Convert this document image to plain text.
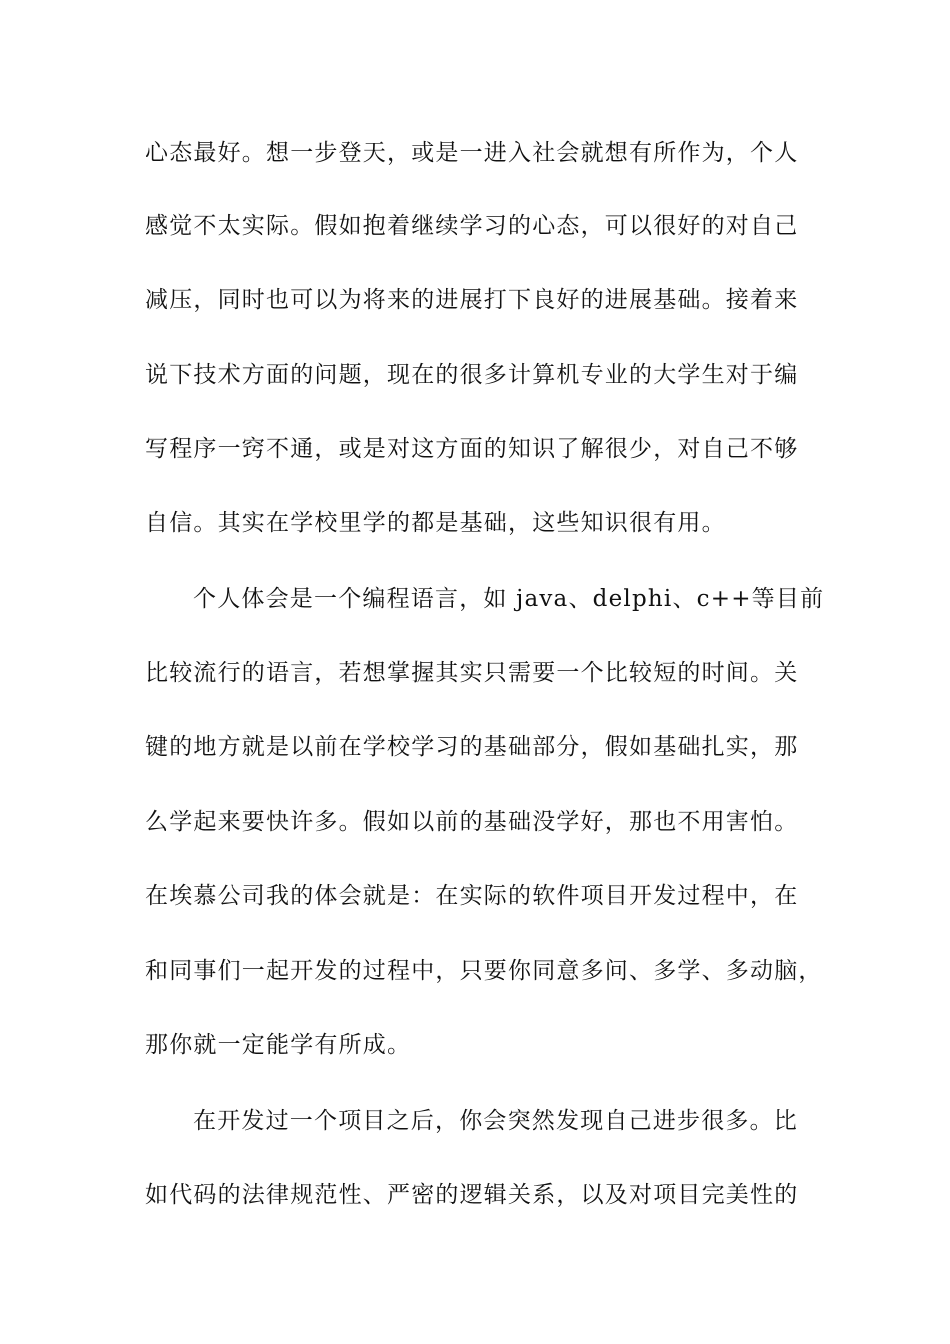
心态最好。想一步登天，或是一进入社会就想有所作为，个人
感觉不太实际。假如抱着继续学习的心态，可以很好的对自己
减压，同时也可以为将来的进展打下良好的进展基础。接着来
说下技术方面的问题，现在的很多计算机专业的大学生对于编
写程序一窍不通，或是对这方面的知识了解很少，对自己不够
自信。其实在学校里学的都是基础，这些知识很有用。
个人体会是一个编程语言，如 java、delphi、c++等目前
比较流行的语言，若想掌握其实只需要一个比较短的时间。关
键的地方就是以前在学校学习的基础部分，假如基础扎实，那
么学起来要快许多。假如以前的基础没学好，那也不用害怕。
在埃慕公司我的体会就是：在实际的软件项目开发过程中，在
和同事们一起开发的过程中，只要你同意多问、多学、多动脑，
那你就一定能学有所成。
在开发过一个项目之后，你会突然发现自己进步很多。比
如代码的法律规范性、严密的逻辑关系，以及对项目完美性的
